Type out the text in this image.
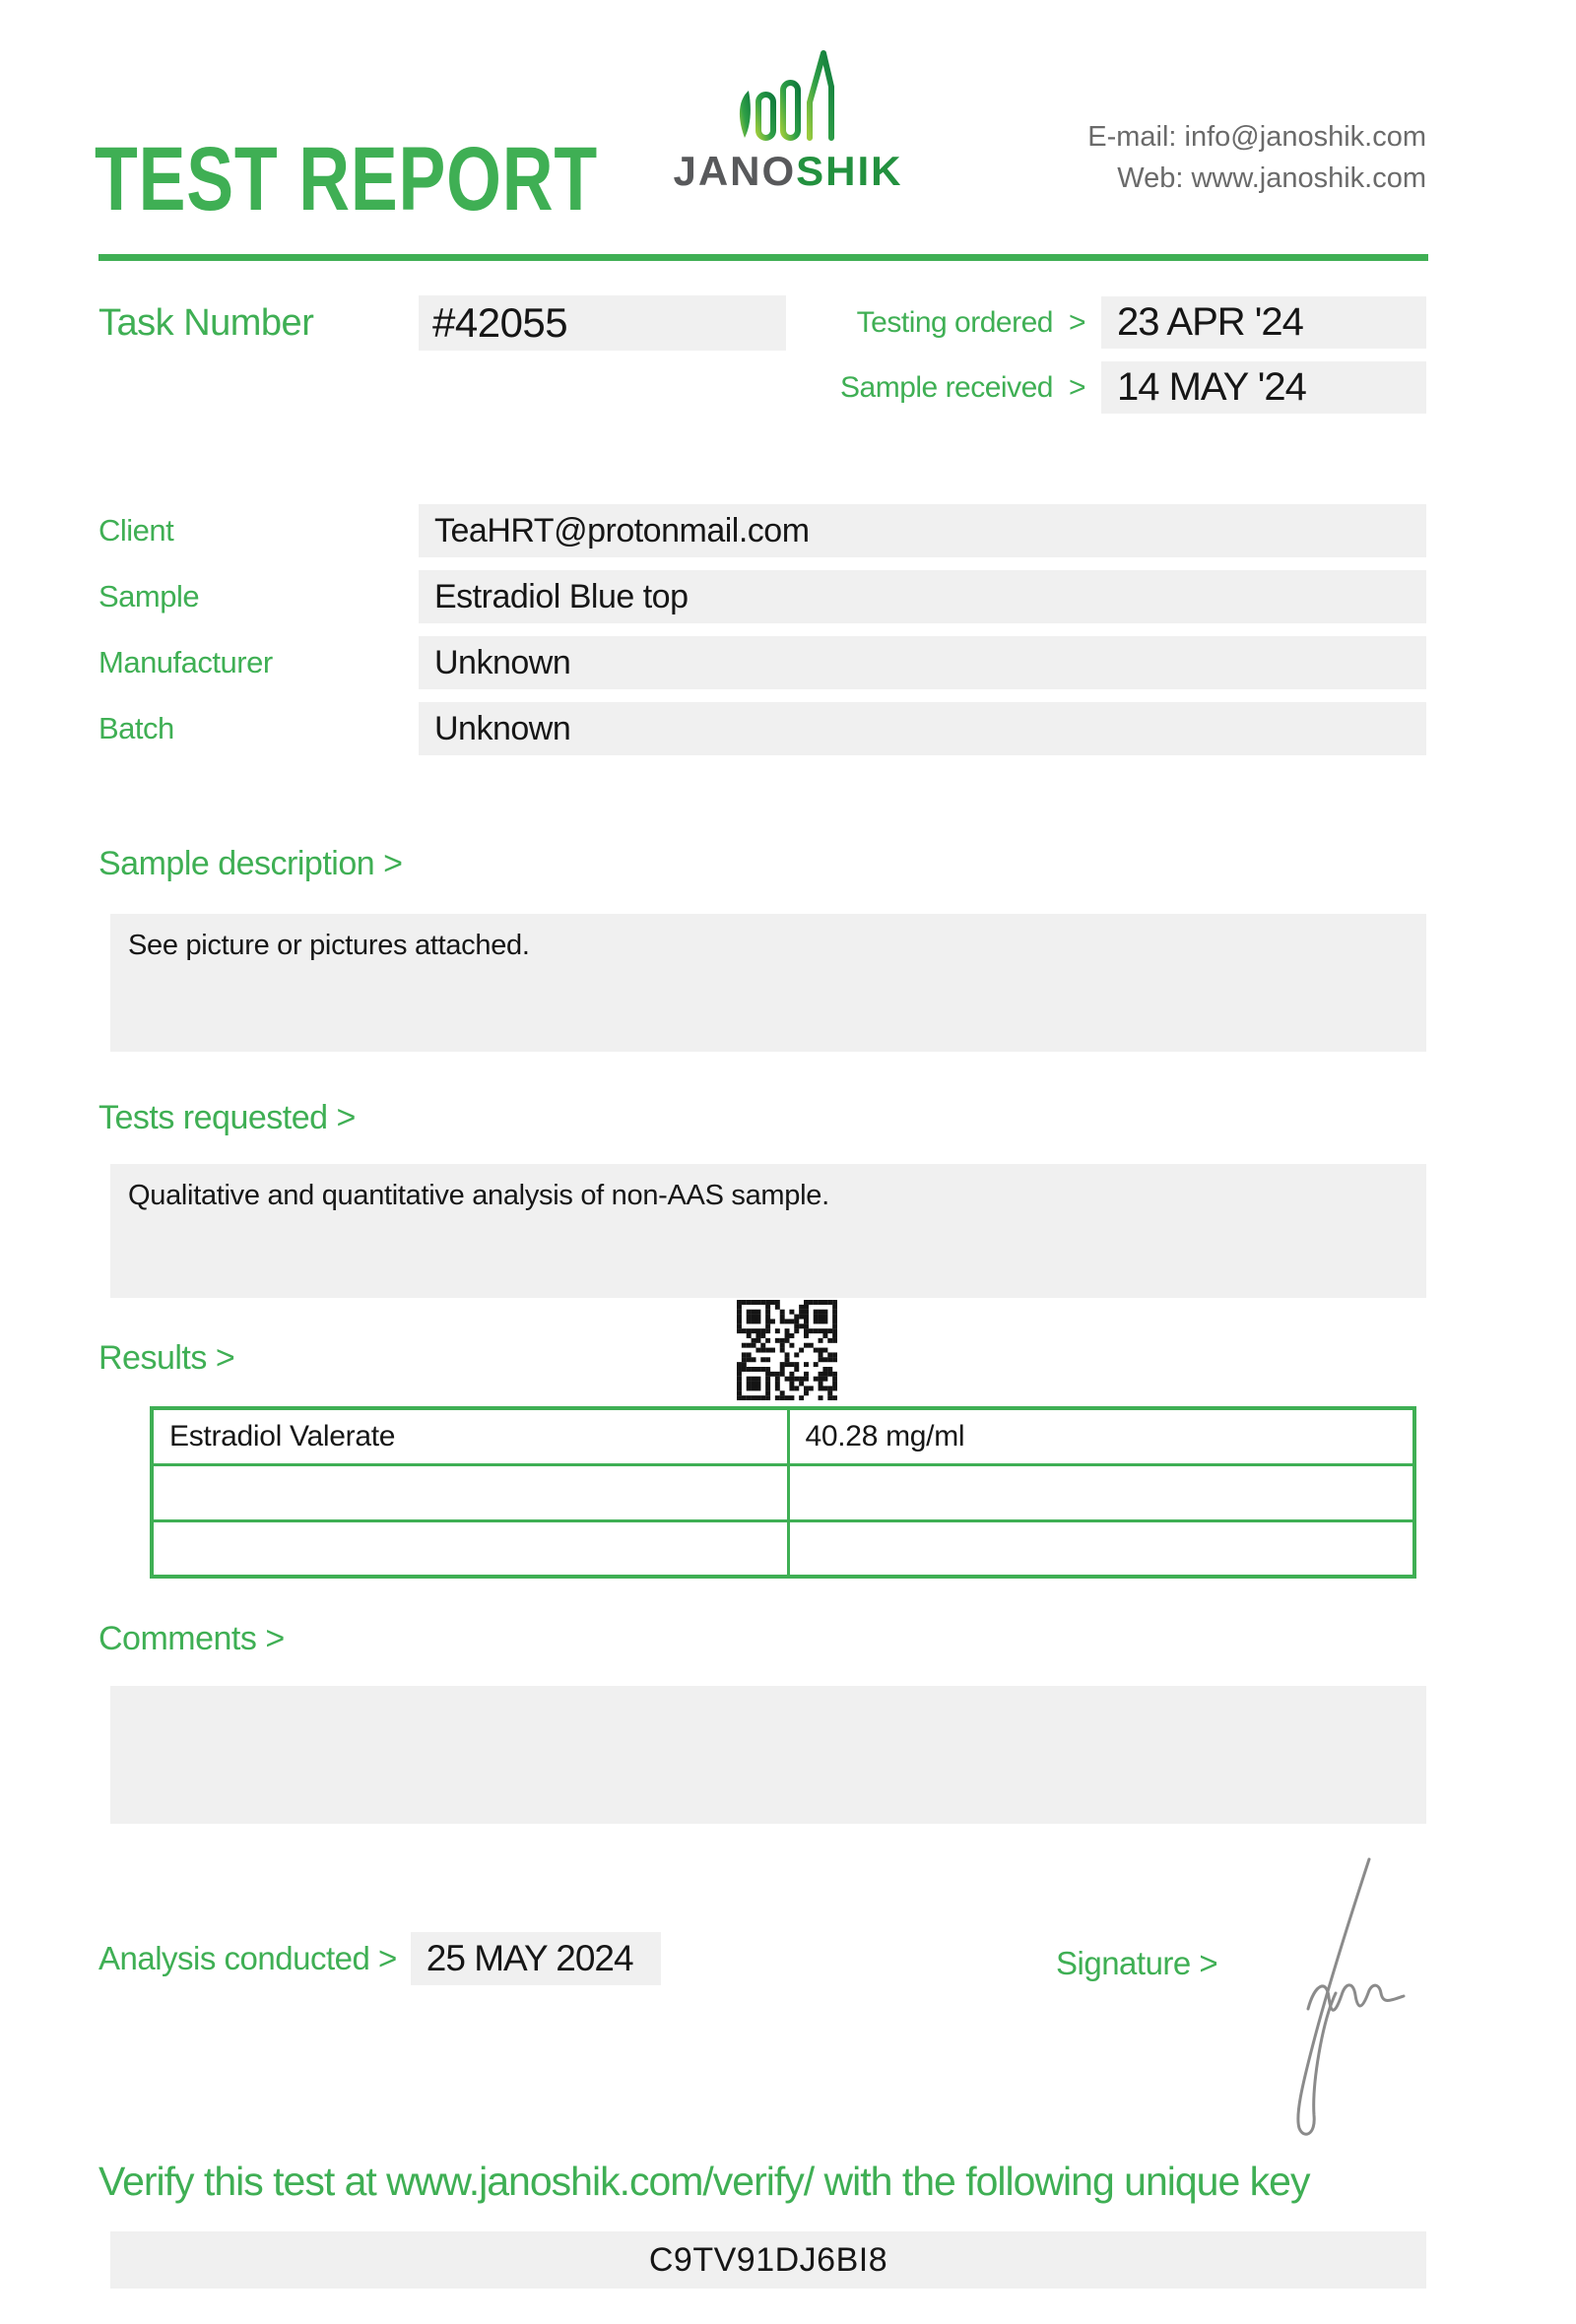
TEST REPORT	JANOSHIK
E-mail: info@janoshik.com
Web: www.janoshik.com
Task Number	#42055	Testing ordered > 23 APR '24
Sample received > 14 MAY '24
Client	TeaHRT@protonmail.com
Sample	Estradiol Blue top
Manufacturer	Unknown
Batch	Unknown
Sample description >
See picture or pictures attached.
Tests requested >
Qualitative and quantitative analysis of non-AAS sample.
Results >
Estradiol Valerate	40.28 mg/ml

Comments >
Analysis conducted > 25 MAY 2024	Signature >
Verify this test at www.janoshik.com/verify/ with the following unique key
C9TV91DJ6BI8
